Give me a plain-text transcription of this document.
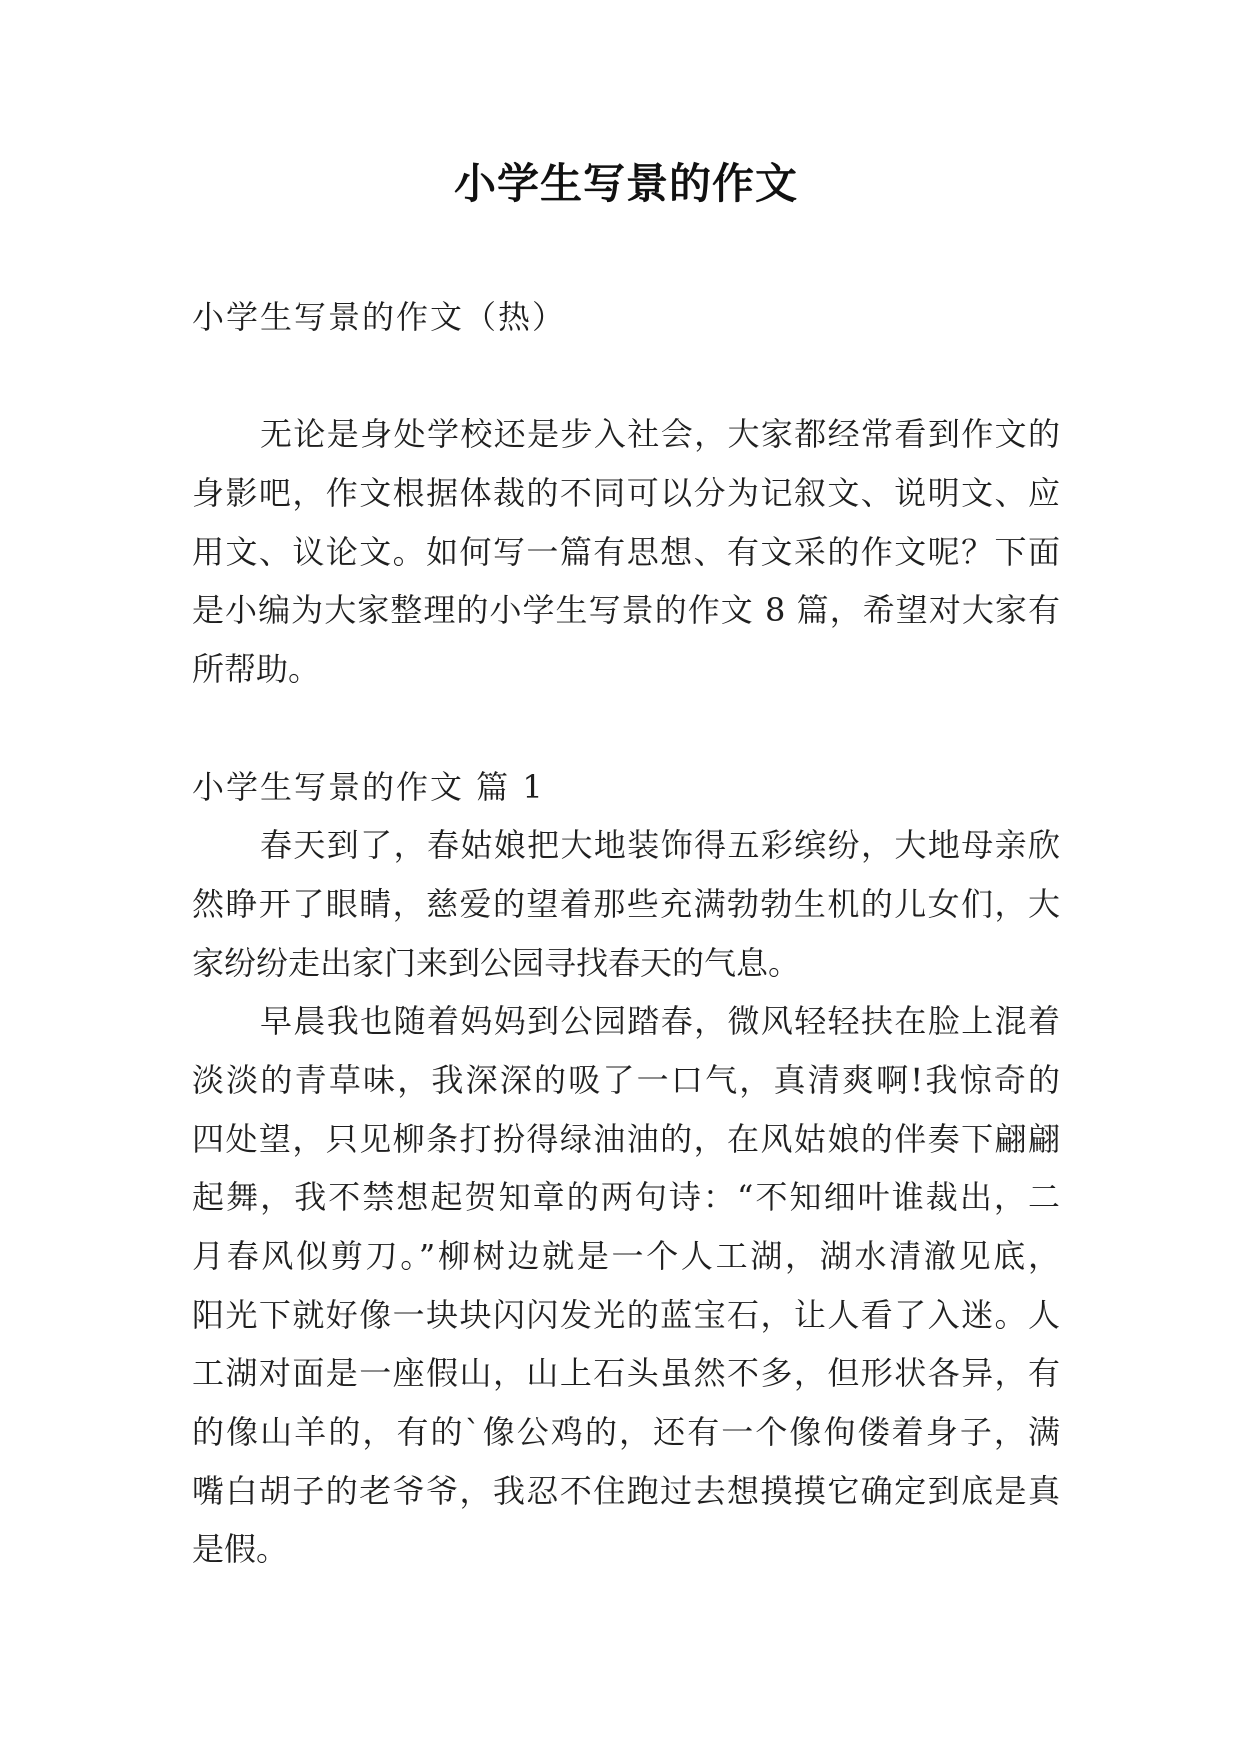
小学生写景的作文
小学生写景的作文（热）
无论是身处学校还是步入社会，大家都经常看到作文的
身影吧，作文根据体裁的不同可以分为记叙文、说明文、应
用文、议论文。如何写一篇有思想、有文采的作文呢？下面
是小编为大家整理的小学生写景的作文 8 篇，希望对大家有
所帮助。
小学生写景的作文 篇 1
春天到了，春姑娘把大地装饰得五彩缤纷，大地母亲欣
然睁开了眼睛，慈爱的望着那些充满勃勃生机的儿女们，大
家纷纷走出家门来到公园寻找春天的气息。
早晨我也随着妈妈到公园踏春，微风轻轻扶在脸上混着
淡淡的青草味，我深深的吸了一口气，真清爽啊!我惊奇的
四处望，只见柳条打扮得绿油油的，在风姑娘的伴奏下翩翩
起舞，我不禁想起贺知章的两句诗：“不知细叶谁裁出，二
月春风似剪刀。”柳树边就是一个人工湖，湖水清澈见底，
阳光下就好像一块块闪闪发光的蓝宝石，让人看了入迷。人
工湖对面是一座假山，山上石头虽然不多，但形状各异，有
的像山羊的，有的`像公鸡的，还有一个像佝偻着身子，满
嘴白胡子的老爷爷，我忍不住跑过去想摸摸它确定到底是真
是假。
